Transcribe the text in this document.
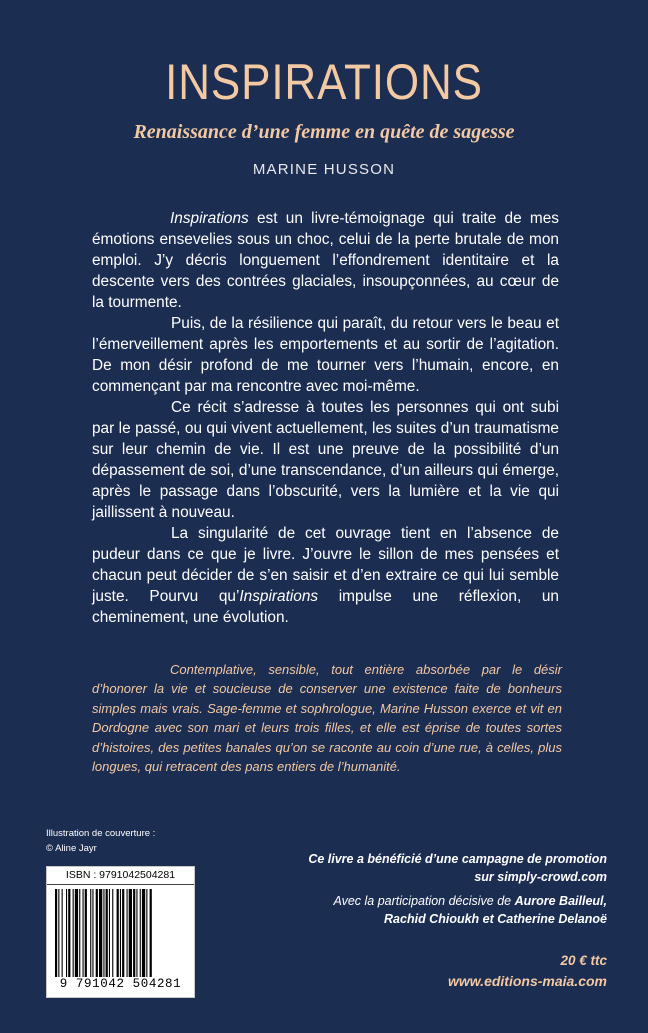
INSPIRATIONS
Renaissance d’une femme en quête de sagesse
MARINE HUSSON

Inspirations est un livre-témoignage qui traite de mes émotions ensevelies sous un choc, celui de la perte brutale de mon emploi. J’y décris longuement l’effondrement identitaire et la descente vers des contrées glaciales, insoupçonnées, au cœur de la tourmente.

Puis, de la résilience qui paraît, du retour vers le beau et l’émerveillement après les emportements et au sortir de l’agitation. De mon désir profond de me tourner vers l’humain, encore, en commençant par ma rencontre avec moi-même.

Ce récit s’adresse à toutes les personnes qui ont subi par le passé, ou qui vivent actuellement, les suites d’un traumatisme sur leur chemin de vie. Il est une preuve de la possibilité d’un dépassement de soi, d’une transcendance, d’un ailleurs qui émerge, après le passage dans l’obscurité, vers la lumière et la vie qui jaillissent à nouveau.

La singularité de cet ouvrage tient en l’absence de pudeur dans ce que je livre. J’ouvre le sillon de mes pensées et chacun peut décider de s’en saisir et d’en extraire ce qui lui semble juste. Pourvu qu’Inspirations impulse une réflexion, un cheminement, une évolution.

Contemplative, sensible, tout entière absorbée par le désir d’honorer la vie et soucieuse de conserver une existence faite de bonheurs simples mais vrais. Sage-femme et sophrologue, Marine Husson exerce et vit en Dordogne avec son mari et leurs trois filles, et elle est éprise de toutes sortes d’histoires, des petites banales qu’on se raconte au coin d’une rue, à celles, plus longues, qui retracent des pans entiers de l’humanité.

Illustration de couverture :
© Aline Jayr
ISBN : 9791042504281
9 791042 504281
Ce livre a bénéficié d’une campagne de promotion
sur simply-crowd.com
Avec la participation décisive de Aurore Bailleul,
Rachid Chioukh et Catherine Delanoë
20 € ttc
www.editions-maia.com
